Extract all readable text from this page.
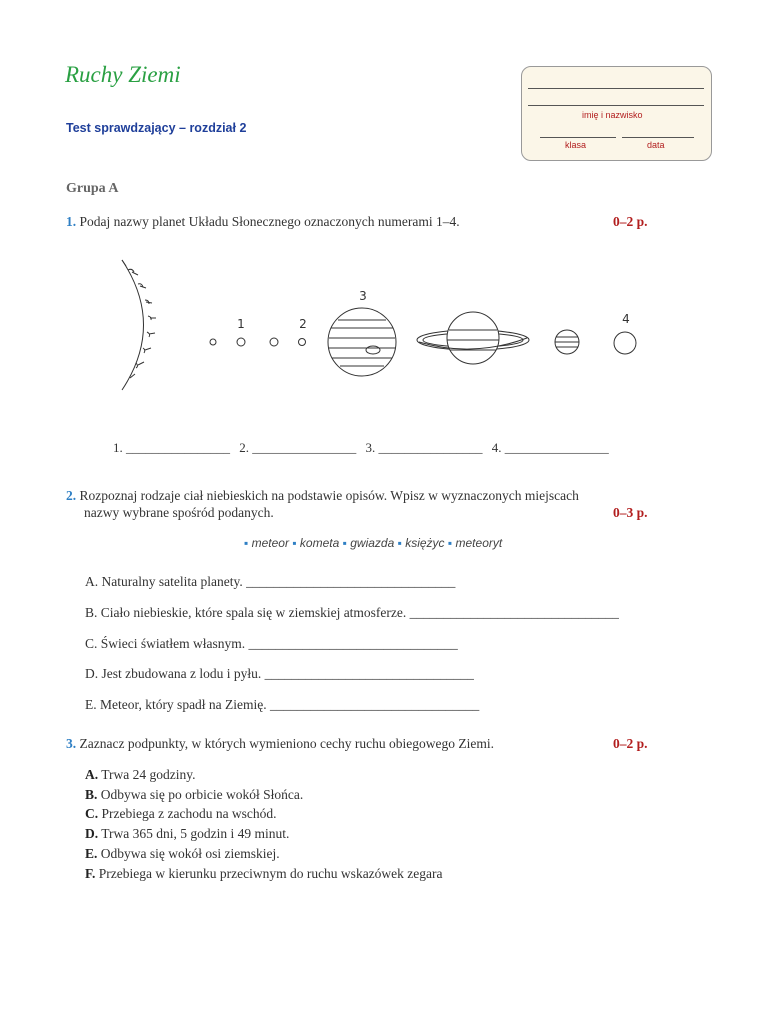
Ruchy Ziemi
Test sprawdzający – rozdział 2
imię i nazwisko
klasa	data
Grupa A
1. Podaj nazwy planet Układu Słonecznego oznaczonych numerami 1–4.	0–2 p.
1	2
3
4
1. ________________ 2. ________________ 3. ________________ 4. ________________
2. Rozpoznaj rodzaje ciał niebieskich na podstawie opisów. Wpisz w wyznaczonych miejscach
nazwy wybrane spośród podanych.	0–3 p.
▪ meteor ▪ kometa ▪ gwiazda ▪ księżyc ▪ meteoryt
A. Naturalny satelita planety. _______________________________
B. Ciało niebieskie, które spala się w ziemskiej atmosferze. _______________________________
C. Świeci światłem własnym. _______________________________
D. Jest zbudowana z lodu i pyłu. _______________________________
E. Meteor, który spadł na Ziemię. _______________________________
3. Zaznacz podpunkty, w których wymieniono cechy ruchu obiegowego Ziemi.	0–2 p.
A. Trwa 24 godziny.
B. Odbywa się po orbicie wokół Słońca.
C. Przebiega z zachodu na wschód.
D. Trwa 365 dni, 5 godzin i 49 minut.
E. Odbywa się wokół osi ziemskiej.
F. Przebiega w kierunku przeciwnym do ruchu wskazówek zegara
